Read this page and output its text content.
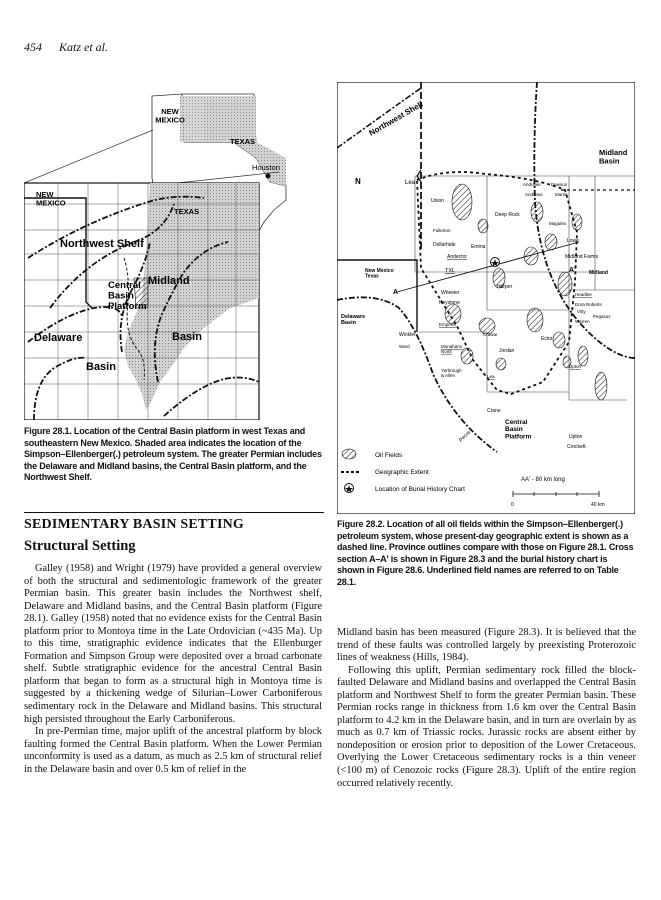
454 Katz et al.
NEW MEXICO
TEXAS
Houston
NEW MEXICO
TEXAS
Northwest Shelf
Midland
Central Basin Platform
Delaware	Basin
Basin
Figure 28.1. Location of the Central Basin platform in west Texas and southeastern New Mexico. Shaded area indicates the location of the Simpson–Ellenberger(.) petroleum system. The greater Permian includes the Delaware and Midland basins, the Central Basin platform, and the Northwest Shelf.
Northwest Shelf
Midland Basin
N	Lea	Andrews Dawson
Andrews	Martin
Union
Deep Rock
Magutex
Fullerton
Dollarhide	Emma
Lowe
Andector	Midland Farms
New Mexico Texas
TXL	A'	Midland
A	Wheeler
Harper
Headlee
Keystone	Dora Roberts
Delaware Basin	Emperor
Pegasus
Vitty
Warren
Winkler	Crawar
Ector
Ward	Monahans North	Jordan
Yarbrough & Allen
Upton
Lea
Crane
Central Basin Platform
Pecos	Upton
Crockett
Oil Fields
Geographic Extent
Location of Burial History Chart
AA' - 80 km long
0	40 km
Figure 28.2. Location of all oil fields within the Simpson–Ellenberger(.) petroleum system, whose present-day geographic extent is shown as a dashed line. Province outlines compare with those on Figure 28.1. Cross section A–A' is shown in Figure 28.3 and the burial history chart is shown in Figure 28.6. Underlined field names are referred to on Table 28.1.
SEDIMENTARY BASIN SETTING
Structural Setting

Galley (1958) and Wright (1979) have provided a general overview of both the structural and sedimentologic framework of the greater Permian basin. This greater basin includes the Northwest shelf, Delaware and Midland basins, and the Central Basin platform (Figure 28.1). Galley (1958) noted that no evidence exists for the Central Basin platform prior to Montoya time in the Late Ordovician (~435 Ma). Up to this time, stratigraphic evidence indicates that the Ellenburger Formation and Simpson Group were deposited over a broad carbonate shelf. Subtle stratigraphic evidence for the ancestral Central Basin platform that began to form as a structural high in Montoya time is suggested by a thickening wedge of Silurian–Lower Carboniferous sedimentary rock in the Delaware and Midland basins. This structural high persisted throughout the Early Carboniferous.

In pre-Permian time, major uplift of the ancestral platform by block faulting formed the Central Basin platform. When the Lower Permian unconformity is used as a datum, as much as 2.5 km of structural relief in the Delaware basin and over 0.5 km of relief in the

Midland basin has been measured (Figure 28.3). It is believed that the trend of these faults was controlled largely by preexisting Proterozoic lines of weakness (Hills, 1984).

Following this uplift, Permian sedimentary rock filled the block-faulted Delaware and Midland basins and overlapped the Central Basin platform and Northwest Shelf to form the greater Permian basin. These Permian rocks range in thickness from 1.6 km over the Central Basin platform to 4.2 km in the Delaware basin, and in turn are overlain by as much as 0.7 km of Triassic rocks. Jurassic rocks are absent either by nondeposition or erosion prior to deposition of the Lower Cretaceous. Overlying the Lower Cretaceous sedimentary rocks is a thin veneer (<100 m) of Cenozoic rocks (Figure 28.3). Uplift of the entire region occurred relatively recently.
